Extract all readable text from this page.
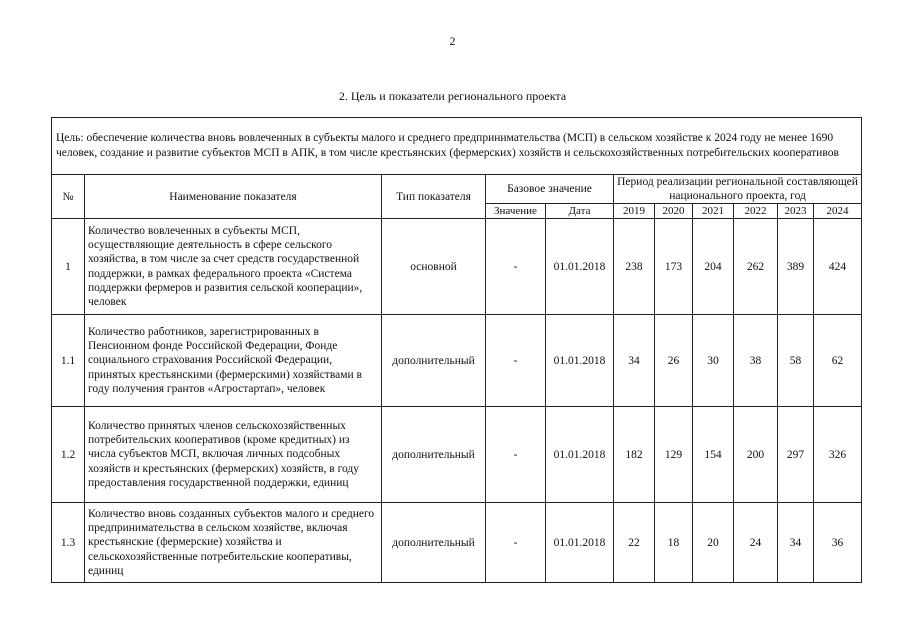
2
2. Цель и показатели регионального проекта
Цель: обеспечение количества вновь вовлеченных в субъекты малого и среднего предпринимательства (МСП) в сельском хозяйстве к 2024 году не менее 1690 человек, создание и развитие субъектов МСП в АПК, в том числе крестьянских (фермерских) хозяйств и сельскохозяйственных потребительских кооперативов										
№	Наименование показателя	Тип показателя	Базовое значение		Период реализации региональной составляющей национального проекта, год					
			Значение	Дата	2019	2020	2021	2022	2023	2024
1	Количество вовлеченных в субъекты МСП, осуществляющие деятельность в сфере сельского хозяйства, в том числе за счет средств государственной поддержки, в рамках федерального проекта «Система поддержки фермеров и развития сельской кооперации», человек	основной	-	01.01.2018	238	173	204	262	389	424
1.1	Количество работников, зарегистрированных в Пенсионном фонде Российской Федерации, Фонде социального страхования Российской Федерации, принятых крестьянскими (фермерскими) хозяйствами в году получения грантов «Агростартап», человек	дополнительный	-	01.01.2018	34	26	30	38	58	62
1.2	Количество принятых членов сельскохозяйственных потребительских кооперативов (кроме кредитных) из числа субъектов МСП, включая личных подсобных хозяйств и крестьянских (фермерских) хозяйств, в году предоставления государственной поддержки, единиц	дополнительный	-	01.01.2018	182	129	154	200	297	326
1.3	Количество вновь созданных субъектов малого и среднего предпринимательства в сельском хозяйстве, включая крестьянские (фермерские) хозяйства и сельскохозяйственные потребительские кооперативы, единиц	дополнительный	-	01.01.2018	22	18	20	24	34	36
